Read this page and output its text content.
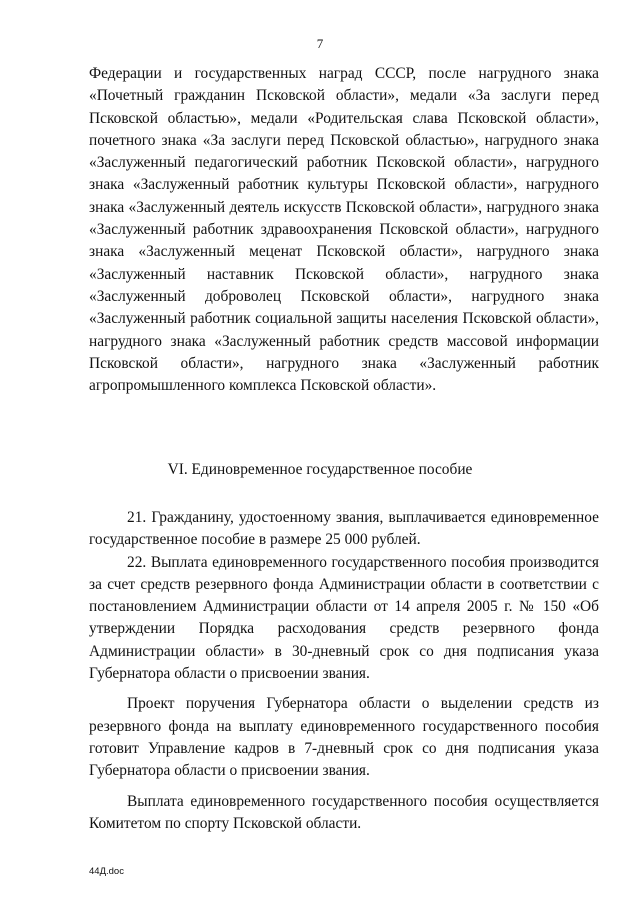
7

Федерации и государственных наград СССР, после нагрудного знака «Почетный гражданин Псковской области», медали «За заслуги перед Псковской областью», медали «Родительская слава Псковской области», почетного знака «За заслуги перед Псковской областью», нагрудного знака «Заслуженный педагогический работник Псковской области», нагрудного знака «Заслуженный работник культуры Псковской области», нагрудного знака «Заслуженный деятель искусств Псковской области», нагрудного знака «Заслуженный работник здравоохранения Псковской области», нагрудного знака «Заслуженный меценат Псковской области», нагрудного знака «Заслуженный наставник Псковской области», нагрудного знака «Заслуженный доброволец Псковской области», нагрудного знака «Заслуженный работник социальной защиты населения Псковской области», нагрудного знака «Заслуженный работник средств массовой информации Псковской области», нагрудного знака «Заслуженный работник агропромышленного комплекса Псковской области».

VI. Единовременное государственное пособие

21. Гражданину, удостоенному звания, выплачивается единовременное государственное пособие в размере 25 000 рублей.

22. Выплата единовременного государственного пособия производится за счет средств резервного фонда Администрации области в соответствии с постановлением Администрации области от 14 апреля 2005 г. № 150 «Об утверждении Порядка расходования средств резервного фонда Администрации области» в 30-дневный срок со дня подписания указа Губернатора области о присвоении звания.

Проект поручения Губернатора области о выделении средств из резервного фонда на выплату единовременного государственного пособия готовит Управление кадров в 7-дневный срок со дня подписания указа Губернатора области о присвоении звания.

Выплата единовременного государственного пособия осуществляется Комитетом по спорту Псковской области.

44Д.doc
